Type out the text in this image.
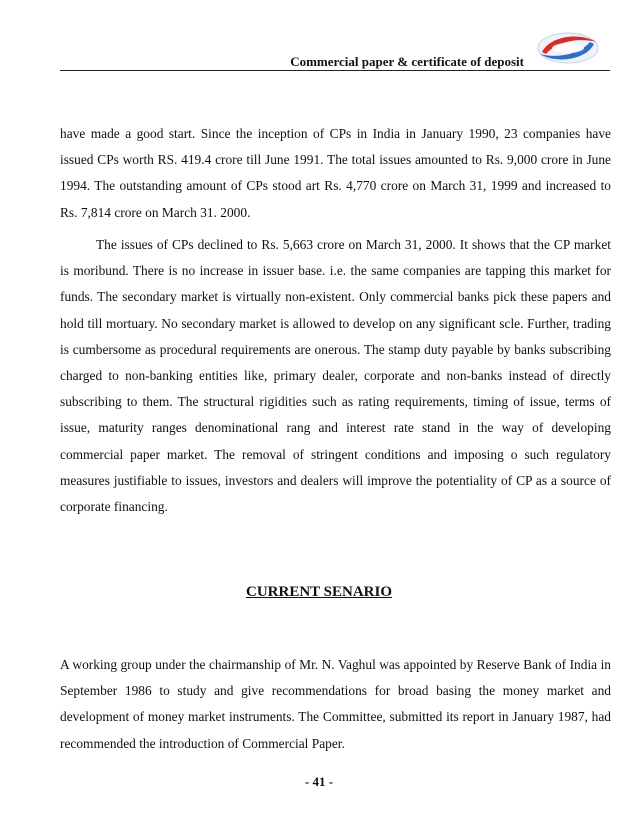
Commercial paper & certificate of deposit

have made a good start. Since the inception of CPs in India in January 1990, 23 companies have issued CPs worth RS. 419.4 crore till June 1991. The total issues amounted to Rs. 9,000 crore in June 1994. The outstanding amount of CPs stood art Rs. 4,770 crore on March 31, 1999 and increased to Rs. 7,814 crore on March 31. 2000.

The issues of CPs declined to Rs. 5,663 crore on March 31, 2000. It shows that the CP market is moribund. There is no increase in issuer base. i.e. the same companies are tapping this market for funds. The secondary market is virtually non-existent. Only commercial banks pick these papers and hold till mortuary. No secondary market is allowed to develop on any significant scle. Further, trading is cumbersome as procedural requirements are onerous. The stamp duty payable by banks subscribing charged to non-banking entities like, primary dealer, corporate and non-banks instead of directly subscribing to them. The structural rigidities such as rating requirements, timing of issue, terms of issue, maturity ranges denominational rang and interest rate stand in the way of developing commercial paper market. The removal of stringent conditions and imposing o such regulatory measures justifiable to issues, investors and dealers will improve the potentiality of CP as a source of corporate financing.

CURRENT SENARIO

A working group under the chairmanship of Mr. N. Vaghul was appointed by Reserve Bank of India in September 1986 to study and give recommendations for broad basing the money market and development of money market instruments. The Committee, submitted its report in January 1987, had recommended the introduction of Commercial Paper.

- 41 -
